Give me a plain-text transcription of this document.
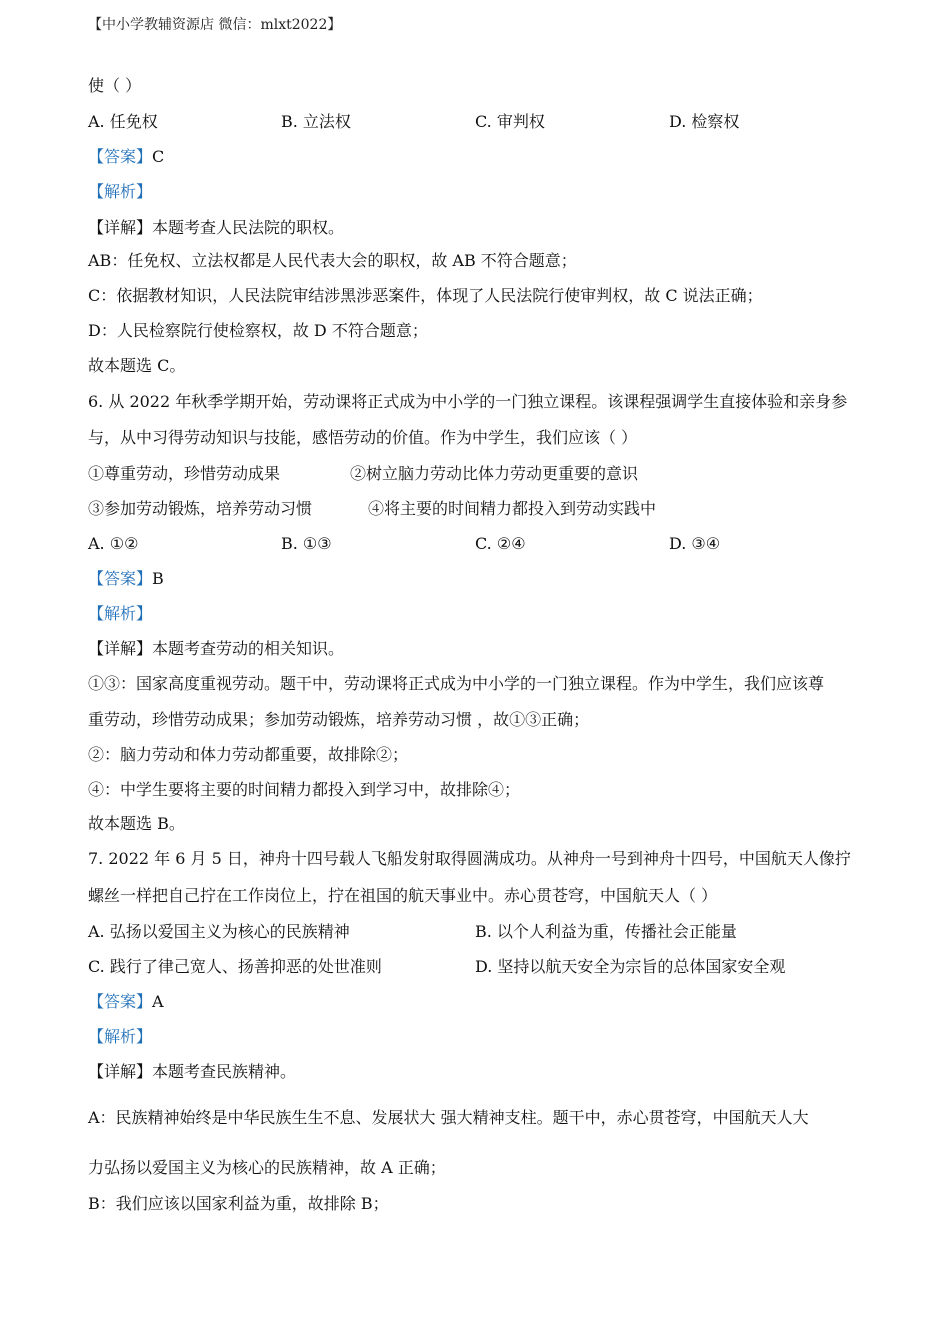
【中小学教辅资源店 微信：mlxt2022】
使（ ）
A. 任免权	B. 立法权	C. 审判权	D. 检察权
【答案】C
【解析】
【详解】本题考查人民法院的职权。
AB：任免权、立法权都是人民代表大会的职权，故 AB 不符合题意；
C：依据教材知识，人民法院审结涉黑涉恶案件，体现了人民法院行使审判权，故 C 说法正确；
D：人民检察院行使检察权，故 D 不符合题意；
故本题选 C。
6. 从 2022 年秋季学期开始，劳动课将正式成为中小学的一门独立课程。该课程强调学生直接体验和亲身参
与，从中习得劳动知识与技能，感悟劳动的价值。作为中学生，我们应该（ ）
①尊重劳动，珍惜劳动成果	②树立脑力劳动比体力劳动更重要的意识
③参加劳动锻炼，培养劳动习惯	④将主要的时间精力都投入到劳动实践中
A. ①②	B. ①③	C. ②④	D. ③④
【答案】B
【解析】
【详解】本题考查劳动的相关知识。
①③：国家高度重视劳动。题干中，劳动课将正式成为中小学的一门独立课程。作为中学生，我们应该尊
重劳动，珍惜劳动成果；参加劳动锻炼，培养劳动习惯 ，故①③正确；
②：脑力劳动和体力劳动都重要，故排除②；
④：中学生要将主要的时间精力都投入到学习中，故排除④；
故本题选 B。
7. 2022 年 6 月 5 日，神舟十四号载人飞船发射取得圆满成功。从神舟一号到神舟十四号，中国航天人像拧
螺丝一样把自己拧在工作岗位上，拧在祖国的航天事业中。赤心贯苍穹，中国航天人（ ）
A. 弘扬以爱国主义为核心的民族精神	B. 以个人利益为重，传播社会正能量
C. 践行了律己宽人、扬善抑恶的处世准则	D. 坚持以航天安全为宗旨的总体国家安全观
【答案】A
【解析】
【详解】本题考查民族精神。
A：民族精神始终是中华民族生生不息、发展状大 强大精神支柱。题干中，赤心贯苍穹，中国航天人大
力弘扬以爱国主义为核心的民族精神，故 A 正确；
B：我们应该以国家利益为重，故排除 B；
